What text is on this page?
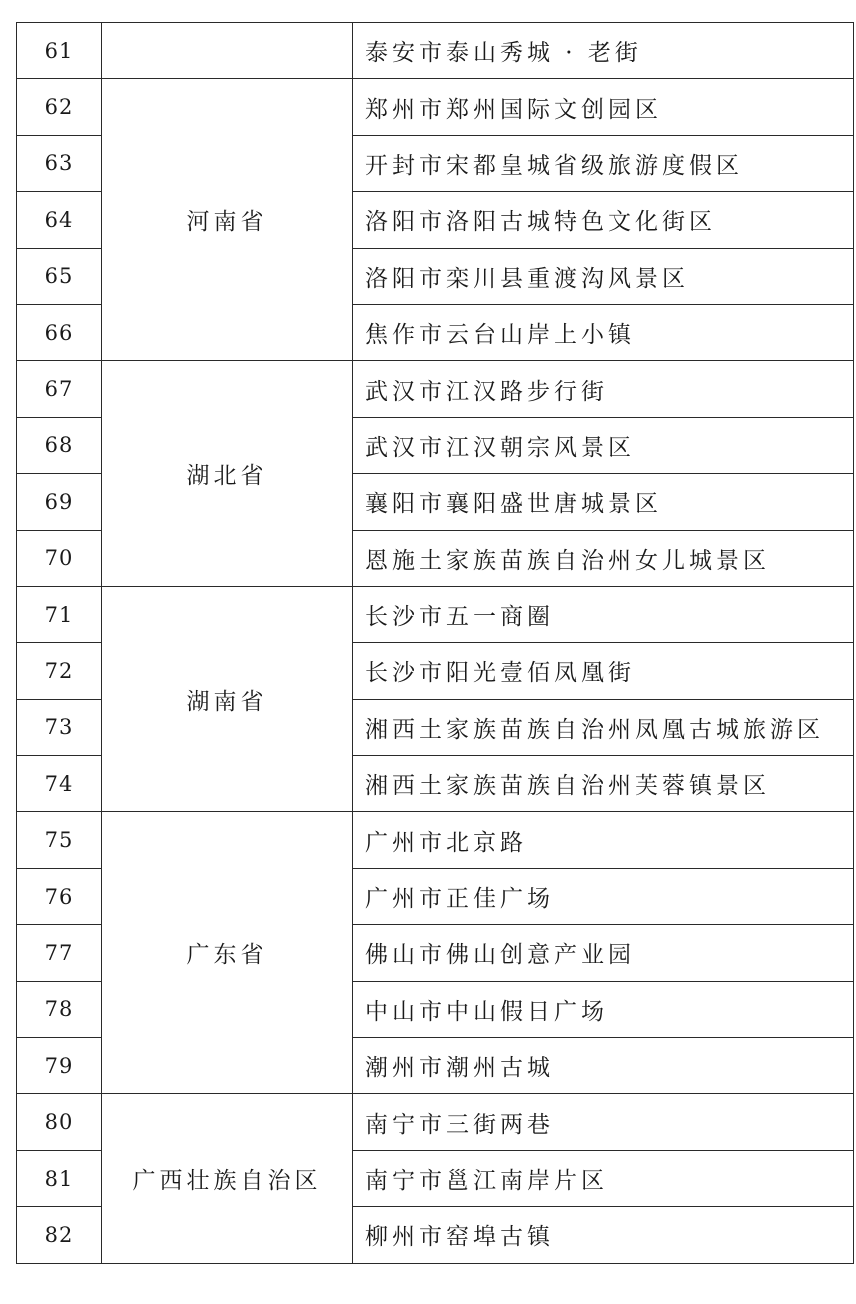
61		泰安市泰山秀城 · 老街
62	河南省	郑州市郑州国际文创园区
63		开封市宋都皇城省级旅游度假区
64		洛阳市洛阳古城特色文化街区
65		洛阳市栾川县重渡沟风景区
66		焦作市云台山岸上小镇
67	湖北省	武汉市江汉路步行街
68		武汉市江汉朝宗风景区
69		襄阳市襄阳盛世唐城景区
70		恩施土家族苗族自治州女儿城景区
71	湖南省	长沙市五一商圈
72		长沙市阳光壹佰凤凰街
73		湘西土家族苗族自治州凤凰古城旅游区
74		湘西土家族苗族自治州芙蓉镇景区
75	广东省	广州市北京路
76		广州市正佳广场
77		佛山市佛山创意产业园
78		中山市中山假日广场
79		潮州市潮州古城
80	广西壮族自治区	南宁市三街两巷
81		南宁市邕江南岸片区
82		柳州市窑埠古镇
